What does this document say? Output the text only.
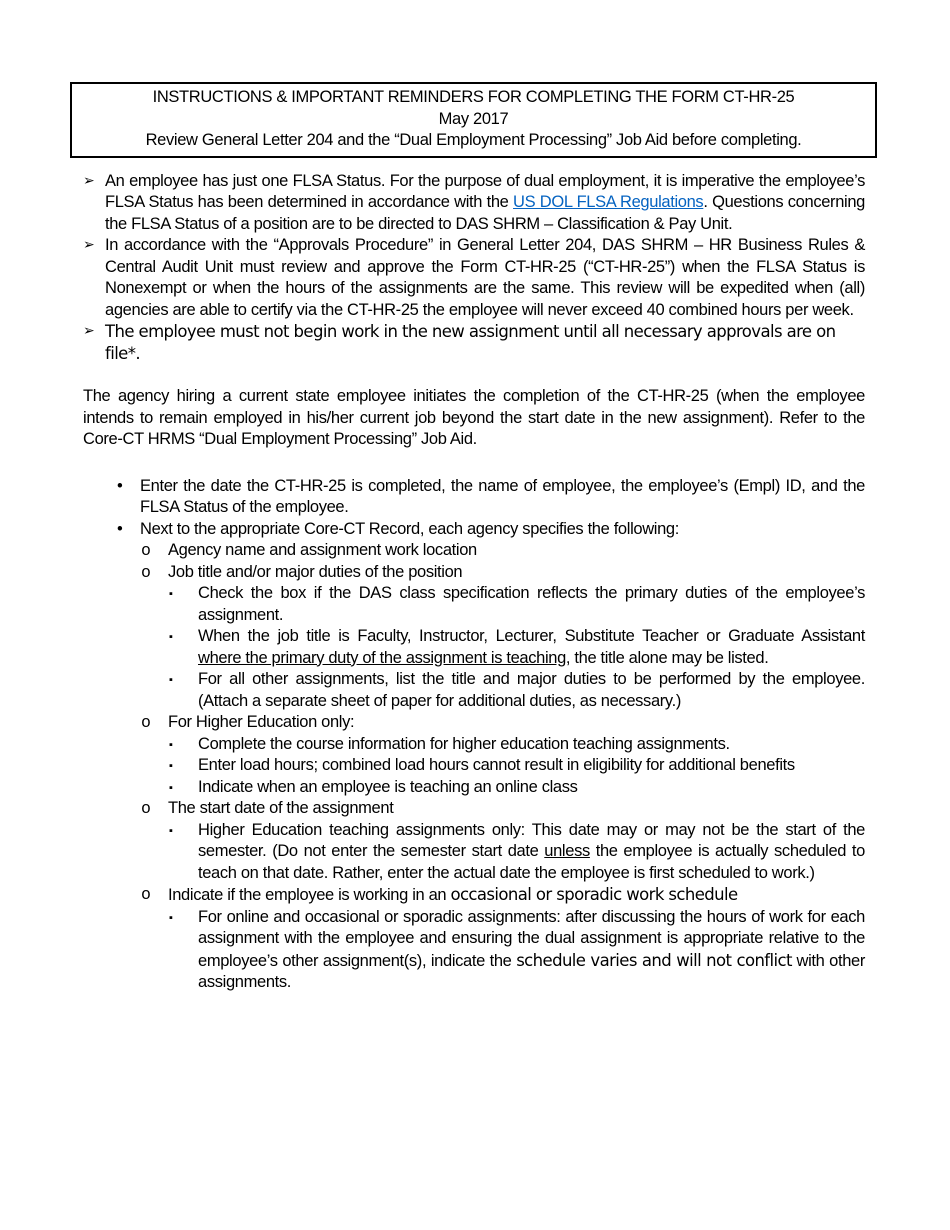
INSTRUCTIONS & IMPORTANT REMINDERS FOR COMPLETING THE FORM CT-HR-25
May 2017
Review General Letter 204 and the “Dual Employment Processing” Job Aid before completing.
➢ An employee has just one FLSA Status. For the purpose of dual employment, it is imperative the employee’s FLSA Status has been determined in accordance with the US DOL FLSA Regulations. Questions concerning the FLSA Status of a position are to be directed to DAS SHRM – Classification & Pay Unit.
➢ In accordance with the “Approvals Procedure” in General Letter 204, DAS SHRM – HR Business Rules & Central Audit Unit must review and approve the Form CT-HR-25 (“CT-HR-25”) when the FLSA Status is Nonexempt or when the hours of the assignments are the same. This review will be expedited when (all) agencies are able to certify via the CT-HR-25 the employee will never exceed 40 combined hours per week.
➢ The employee must not begin work in the new assignment until all necessary approvals are on file*.

The agency hiring a current state employee initiates the completion of the CT-HR-25 (when the employee intends to remain employed in his/her current job beyond the start date in the new assignment). Refer to the Core-CT HRMS “Dual Employment Processing” Job Aid.

• Enter the date the CT-HR-25 is completed, the name of employee, the employee’s (Empl) ID, and the FLSA Status of the employee.
• Next to the appropriate Core-CT Record, each agency specifies the following:
o Agency name and assignment work location
o Job title and/or major duties of the position
▪ Check the box if the DAS class specification reflects the primary duties of the employee’s assignment.
▪ When the job title is Faculty, Instructor, Lecturer, Substitute Teacher or Graduate Assistant where the primary duty of the assignment is teaching, the title alone may be listed.
▪ For all other assignments, list the title and major duties to be performed by the employee. (Attach a separate sheet of paper for additional duties, as necessary.)
o For Higher Education only:
▪ Complete the course information for higher education teaching assignments.
▪ Enter load hours; combined load hours cannot result in eligibility for additional benefits
▪ Indicate when an employee is teaching an online class
o The start date of the assignment
▪ Higher Education teaching assignments only: This date may or may not be the start of the semester. (Do not enter the semester start date unless the employee is actually scheduled to teach on that date. Rather, enter the actual date the employee is first scheduled to work.)
o Indicate if the employee is working in an occasional or sporadic work schedule
▪ For online and occasional or sporadic assignments: after discussing the hours of work for each assignment with the employee and ensuring the dual assignment is appropriate relative to the employee’s other assignment(s), indicate the schedule varies and will not conflict with other assignments.
